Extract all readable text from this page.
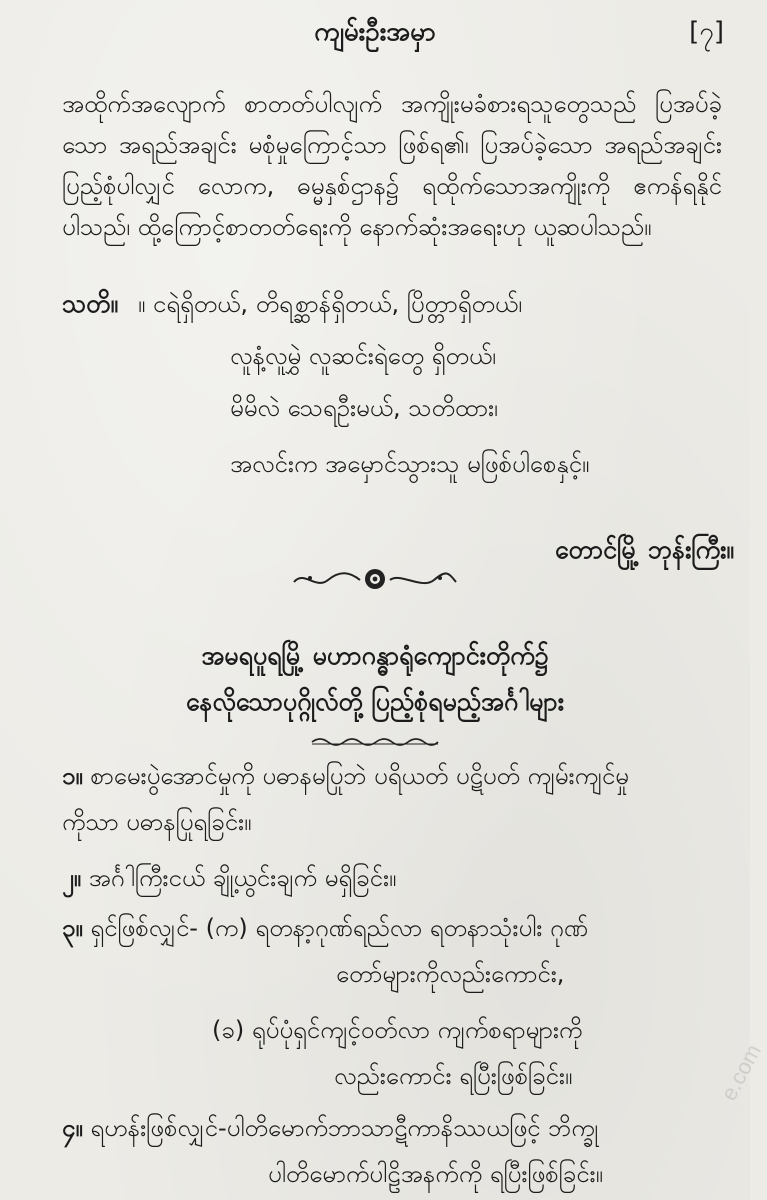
ကျမ်းဦးအမှာ	[၇]

အထိုက်အလျောက် စာတတ်ပါလျက် အကျိုးမခံစားရသူတွေသည် ပြအပ်ခဲ့သော အရည်အချင်း မစုံမှုကြောင့်သာ ဖြစ်ရ၏၊ ပြအပ်ခဲ့သော အရည်အချင်း ပြည့်စုံပါလျှင် လောက, ဓမ္မနှစ်ဌာန၌ ရထိုက်သောအကျိုးကို ဧကန်ရနိုင်ပါသည်၊ ထို့ကြောင့်စာတတ်ရေးကို နောက်ဆုံးအရေးဟု ယူဆပါသည်။

သတိ။ ။ ငရဲရှိတယ်, တိရစ္ဆာန်ရှိတယ်, ပြိတ္တာရှိတယ်၊
လူနံ့လူမွှဲ လူဆင်းရဲတွေ ရှိတယ်၊
မိမိလဲ သေရဦးမယ်, သတိထား၊
အလင်းက အမှောင်သွားသူ မဖြစ်ပါစေနှင့်။
တောင်မြို့ ဘုန်းကြီး။
အမရပူရမြို့ မဟာဂန္ဓာရုံကျောင်းတိုက်၌
နေလိုသောပုဂ္ဂိုလ်တို့ ပြည့်စုံရမည့်အင်္ဂါများ
၁။ စာမေးပွဲအောင်မှုကို ပဓာနမပြုဘဲ ပရိယတ် ပဋိပတ် ကျမ်းကျင်မှု
ကိုသာ ပဓာနပြုရခြင်း။
၂။ အင်္ဂါကြီးငယ် ချို့ယွင်းချက် မရှိခြင်း။
၃။ ရှင်ဖြစ်လျှင်- (က) ရတနာ့ဂုဏ်ရည်လာ ရတနာသုံးပါး ဂုဏ်
တော်များကိုလည်းကောင်း,
(ခ) ရုပ်ပုံရှင်ကျင့်ဝတ်လာ ကျက်စရာများကို
လည်းကောင်း ရပြီးဖြစ်ခြင်း။
၄။ ရဟန်းဖြစ်လျှင်-ပါတိမောက်ဘာသာဋီကာနိဿယဖြင့် ဘိက္ခု
ပါတိမောက်ပါဠိအနက်ကို ရပြီးဖြစ်ခြင်း။
e.com
